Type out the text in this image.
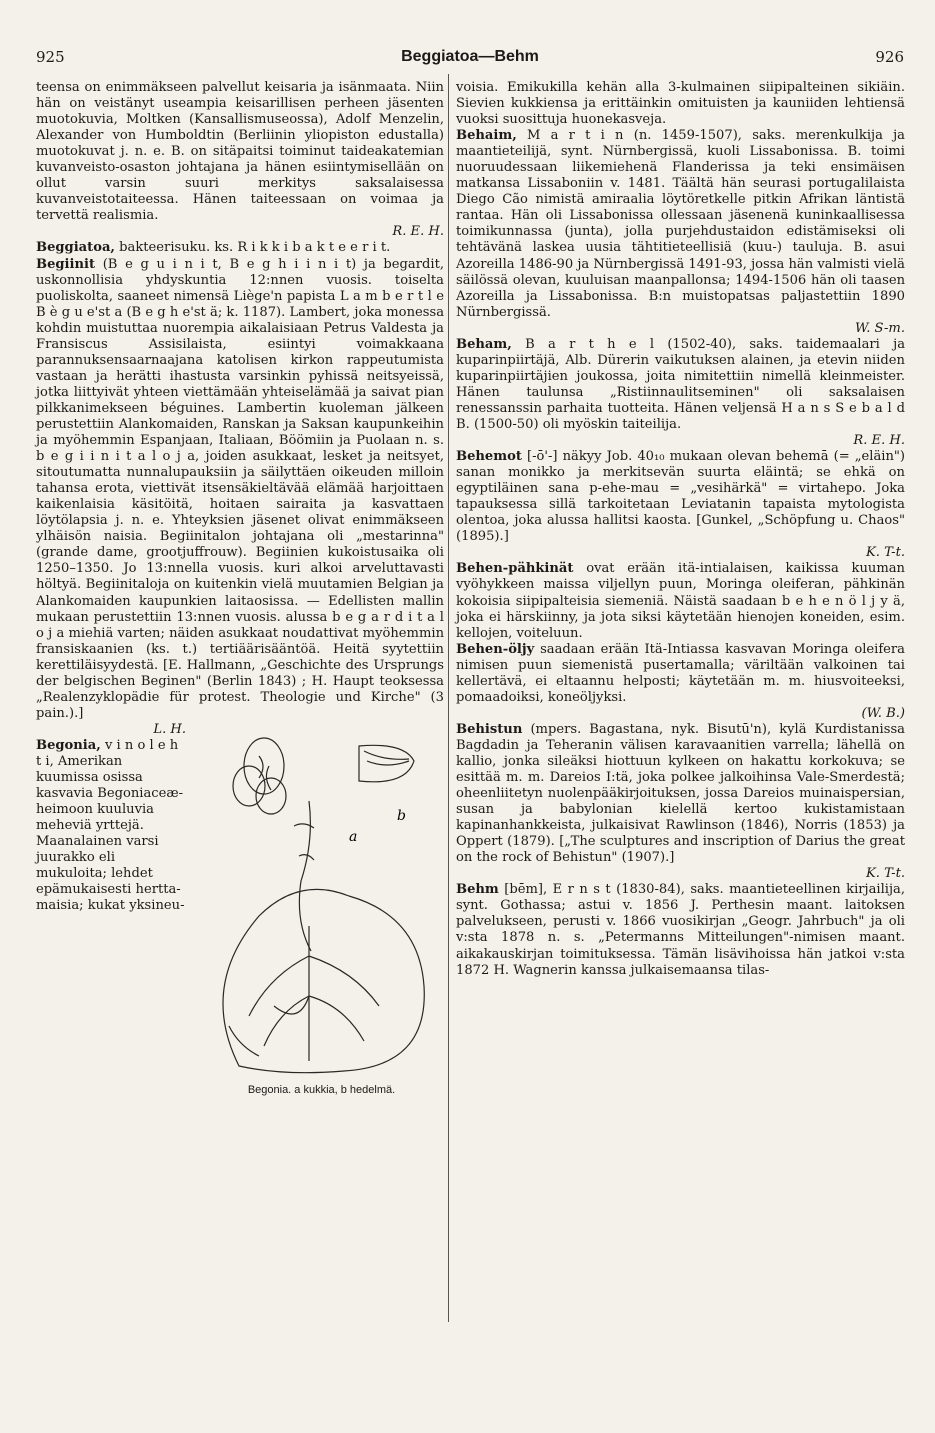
925	Beggiatoa—Behm	926

teensa on enimmäkseen palvellut keisaria ja isänmaata. Niin hän on veistänyt useampia keisarillisen perheen jäsenten muotokuvia, Moltken (Kansallismuseossa), Adolf Menzelin, Alexander von Humboldtin (Berliinin yliopiston edustalla) muotokuvat j. n. e. B. on sitäpaitsi toiminut taideakatemian kuvanveisto-osaston johtajana ja hänen esiintymisellään on ollut varsin suuri merkitys saksalaisessa kuvanveistotaiteessa. Hänen taiteessaan on voimaa ja tervettä realismia.

R. E. H.

Beggiatoa, bakteerisuku. ks. R i k k i b a k t e e r i t.

Begiinit (B e g u i n i t, B e g h i i n i t) ja begardit, uskonnollisia yhdyskuntia 12:nnen vuosis. toiselta puoliskolta, saaneet nimensä Liège'n papista L a m b e r t l e B è g u e'st a (B e g h e'st ä; k. 1187). Lambert, joka monessa kohdin muistuttaa nuorempia aikalaisiaan Petrus Valdesta ja Fransiscus Assisilaista, esiintyi voimakkaana parannuksensaarnaajana katolisen kirkon rappeutumista vastaan ja herätti ihastusta varsinkin pyhissä neitsyeissä, jotka liittyivät yhteen viettämään yhteiselämää ja saivat pian pilkkanimekseen béguines. Lambertin kuoleman jälkeen perustettiin Alankomaiden, Ranskan ja Saksan kaupunkeihin ja myöhemmin Espanjaan, Italiaan, Böömiin ja Puolaan n. s. b e g i i n i t a l o j a, joiden asukkaat, lesket ja neitsyet, sitoutumatta nunnalupauksiin ja säilyttäen oikeuden milloin tahansa erota, viettivät itsensäkieltävää elämää harjoittaen kaikenlaisia käsitöitä, hoitaen sairaita ja kasvattaen löytölapsia j. n. e. Yhteyksien jäsenet olivat enimmäkseen ylhäisön naisia. Begiinitalon johtajana oli „mestarinna" (grande dame, grootjuffrouw). Begiinien kukoistusaika oli 1250–1350. Jo 13:nnella vuosis. kuri alkoi arveluttavasti höltyä. Begiinitaloja on kuitenkin vielä muutamien Belgian ja Alankomaiden kaupunkien laitaosissa. — Edellisten mallin mukaan perustettiin 13:nnen vuosis. alussa b e g a r d i t a l o j a miehiä varten; näiden asukkaat noudattivat myöhemmin fransiskaanien (ks. t.) tertiäärisääntöä. Heitä syytettiin kerettiläisyydestä. [E. Hallmann, „Geschichte des Ursprungs der belgischen Beginen" (Berlin 1843) ; H. Haupt teoksessa „Realenzyklopädie für protest. Theologie und Kirche" (3 pain.).]

a
b
Begonia. a kukkia, b hedelmä.

L. H.

Begonia, v i n o l e h t i, Amerikan kuumissa osissa kasvavia Begoniaceæ-heimoon kuuluvia meheviä yrttejä. Maanalainen varsi juurakko eli mukuloita; lehdet epämukaisesti herttamaisia; kukat yksineu-

voisia. Emikukilla kehän alla 3-kulmainen siipipalteinen sikiäin. Sievien kukkiensa ja erittäinkin omituisten ja kauniiden lehtiensä vuoksi suosittuja huonekasveja.

Behaim, M a r t i n (n. 1459-1507), saks. merenkulkija ja maantieteilijä, synt. Nürnbergissä, kuoli Lissabonissa. B. toimi nuoruudessaan liikemiehenä Flanderissa ja teki ensimäisen matkansa Lissaboniin v. 1481. Täältä hän seurasi portugalilaista Diego Cão nimistä amiraalia löytöretkelle pitkin Afrikan läntistä rantaa. Hän oli Lissabonissa ollessaan jäsenenä kuninkaallisessa toimikunnassa (junta), jolla purjehdustaidon edistämiseksi oli tehtävänä laskea uusia tähtitieteellisiä (kuu-) tauluja. B. asui Azoreilla 1486-90 ja Nürnbergissä 1491-93, jossa hän valmisti vielä säilössä olevan, kuuluisan maanpallonsa; 1494-1506 hän oli taasen Azoreilla ja Lissabonissa. B:n muistopatsas paljastettiin 1890 Nürnbergissä.

W. S-m.

Beham, B a r t h e l (1502-40), saks. taidemaalari ja kuparinpiirtäjä, Alb. Dürerin vaikutuksen alainen, ja etevin niiden kuparinpiirtäjien joukossa, joita nimitettiin nimellä kleinmeister. Hänen taulunsa „Ristiinnaulitseminen" oli saksalaisen renessanssin parhaita tuotteita. Hänen veljensä H a n s S e b a l d B. (1500-50) oli myöskin taiteilija.

R. E. H.

Behemot [-ō'-] näkyy Job. 40₁₀ mukaan olevan behemā (= „eläin") sanan monikko ja merkitsevän suurta eläintä; se ehkä on egyptiläinen sana p-ehe-mau = „vesihärkä" = virtahepo. Joka tapauksessa sillä tarkoitetaan Leviatanin tapaista mytologista olentoa, joka alussa hallitsi kaosta. [Gunkel, „Schöpfung u. Chaos" (1895).]

K. T-t.

Behen-pähkinät ovat erään itä-intialaisen, kaikissa kuuman vyöhykkeen maissa viljellyn puun, Moringa oleiferan, pähkinän kokoisia siipipalteisia siemeniä. Näistä saadaan b e h e n ö l j y ä, joka ei härskiinny, ja jota siksi käytetään hienojen koneiden, esim. kellojen, voiteluun.

Behen-öljy saadaan erään Itä-Intiassa kasvavan Moringa oleifera nimisen puun siemenistä pusertamalla; väriltään valkoinen tai kellertävä, ei eltaannu helposti; käytetään m. m. hiusvoiteeksi, pomaadoiksi, koneöljyksi.

(W. B.)

Behistun (mpers. Bagastana, nyk. Bisutū'n), kylä Kurdistanissa Bagdadin ja Teheranin välisen karavaanitien varrella; lähellä on kallio, jonka sileäksi hiottuun kylkeen on hakattu korkokuva; se esittää m. m. Dareios I:tä, joka polkee jalkoihinsa Vale-Smerdestä; oheenliitetyn nuolenpääkirjoituksen, jossa Dareios muinaispersian, susan ja babylonian kielellä kertoo kukistamistaan kapinanhankkeista, julkaisivat Rawlinson (1846), Norris (1853) ja Oppert (1879). [„The sculptures and inscription of Darius the great on the rock of Behistun" (1907).]

K. T-t.

Behm [bēm], E r n s t (1830-84), saks. maantieteellinen kirjailija, synt. Gothassa; astui v. 1856 J. Perthesin maant. laitoksen palvelukseen, perusti v. 1866 vuosikirjan „Geogr. Jahrbuch" ja oli v:sta 1878 n. s. „Petermanns Mitteilungen"-nimisen maant. aikakauskirjan toimituksessa. Tämän lisävihoissa hän jatkoi v:sta 1872 H. Wagnerin kanssa julkaisemaansa tilas-
